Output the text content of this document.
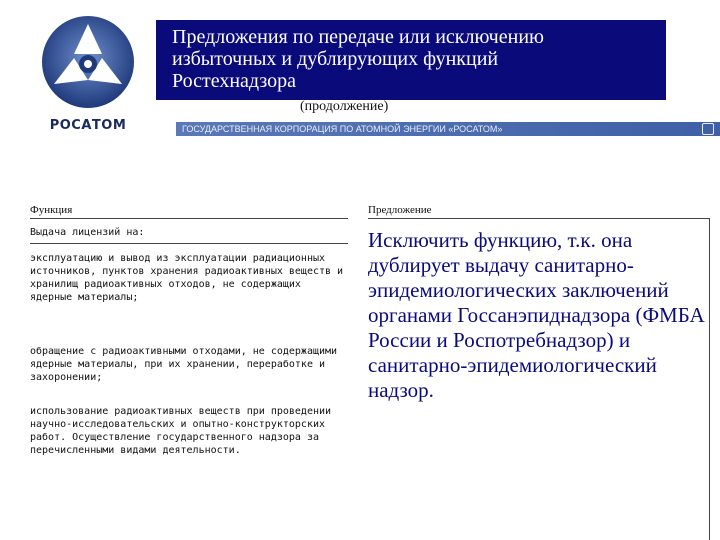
РОСАТОМ
Предложения по передаче или исключению
избыточных и дублирующих функций
Ростехнадзора
(продолжение)
ГОСУДАРСТВЕННАЯ КОРПОРАЦИЯ ПО АТОМНОЙ ЭНЕРГИИ «РОСАТОМ»
Функция	Предложение
Выдача лицензий на:
эксплуатацию и вывод из эксплуатации радиационных источников, пунктов хранения радиоактивных веществ и хранилищ радиоактивных отходов, не содержащих ядерные материалы;
обращение с радиоактивными отходами, не содержащими ядерные материалы, при их хранении, переработке и захоронении;
использование радиоактивных веществ при проведении научно-исследовательских и опытно-конструкторских работ. Осуществление государственного надзора за перечисленными видами деятельности.
Исключить функцию, т.к. она дублирует выдачу санитарно-эпидемиологических заключений органами Госсанэпиднадзора (ФМБА России и Роспотребнадзор) и санитарно-эпидемиологический надзор.
